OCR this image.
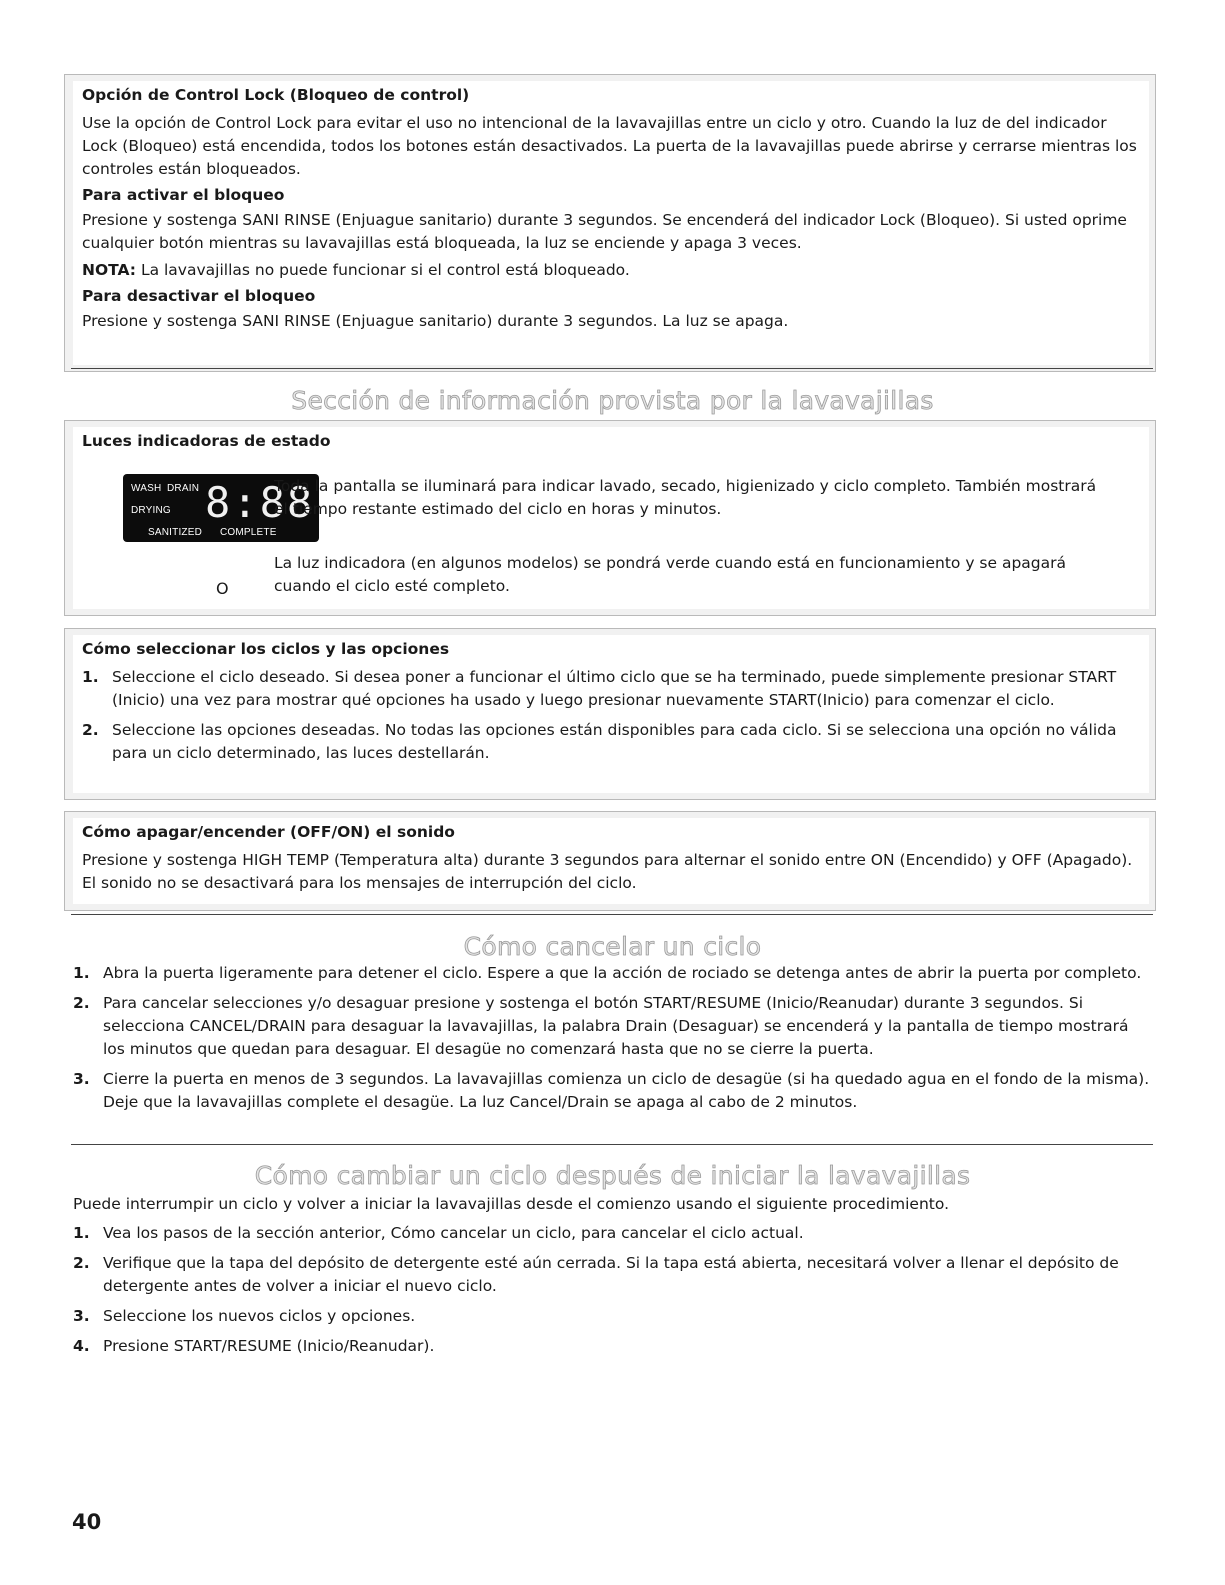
Opción de Control Lock (Bloqueo de control)
Use la opción de Control Lock para evitar el uso no intencional de la lavavajillas entre un ciclo y otro. Cuando la luz de del indicador Lock (Bloqueo) está encendida, todos los botones están desactivados. La puerta de la lavavajillas puede abrirse y cerrarse mientras los controles están bloqueados.
Para activar el bloqueo
Presione y sostenga SANI RINSE (Enjuague sanitario) durante 3 segundos. Se encenderá del indicador Lock (Bloqueo). Si usted oprime cualquier botón mientras su lavavajillas está bloqueada, la luz se enciende y apaga 3 veces.
NOTA: La lavavajillas no puede funcionar si el control está bloqueado.
Para desactivar el bloqueo
Presione y sostenga SANI RINSE (Enjuague sanitario) durante 3 segundos. La luz se apaga.
Sección de información provista por la lavavajillas
Luces indicadoras de estado
WASH DRAIN
DRYING
SANITIZED COMPLETE
8:88
O
Toda la pantalla se iluminará para indicar lavado, secado, higienizado y ciclo completo. También mostrará el tiempo restante estimado del ciclo en horas y minutos.
La luz indicadora (en algunos modelos) se pondrá verde cuando está en funcionamiento y se apagará cuando el ciclo esté completo.
Cómo seleccionar los ciclos y las opciones
1. Seleccione el ciclo deseado. Si desea poner a funcionar el último ciclo que se ha terminado, puede simplemente presionar START (Inicio) una vez para mostrar qué opciones ha usado y luego presionar nuevamente START(Inicio) para comenzar el ciclo.
2. Seleccione las opciones deseadas. No todas las opciones están disponibles para cada ciclo. Si se selecciona una opción no válida para un ciclo determinado, las luces destellarán.
Cómo apagar/encender (OFF/ON) el sonido
Presione y sostenga HIGH TEMP (Temperatura alta) durante 3 segundos para alternar el sonido entre ON (Encendido) y OFF (Apagado). El sonido no se desactivará para los mensajes de interrupción del ciclo.
Cómo cancelar un ciclo
1. Abra la puerta ligeramente para detener el ciclo. Espere a que la acción de rociado se detenga antes de abrir la puerta por completo.
2. Para cancelar selecciones y/o desaguar presione y sostenga el botón START/RESUME (Inicio/Reanudar) durante 3 segundos. Si selecciona CANCEL/DRAIN para desaguar la lavavajillas, la palabra Drain (Desaguar) se encenderá y la pantalla de tiempo mostrará los minutos que quedan para desaguar. El desagüe no comenzará hasta que no se cierre la puerta.
3. Cierre la puerta en menos de 3 segundos. La lavavajillas comienza un ciclo de desagüe (si ha quedado agua en el fondo de la misma). Deje que la lavavajillas complete el desagüe. La luz Cancel/Drain se apaga al cabo de 2 minutos.
Cómo cambiar un ciclo después de iniciar la lavavajillas
Puede interrumpir un ciclo y volver a iniciar la lavavajillas desde el comienzo usando el siguiente procedimiento.
1. Vea los pasos de la sección anterior, Cómo cancelar un ciclo, para cancelar el ciclo actual.
2. Verifique que la tapa del depósito de detergente esté aún cerrada. Si la tapa está abierta, necesitará volver a llenar el depósito de detergente antes de volver a iniciar el nuevo ciclo.
3. Seleccione los nuevos ciclos y opciones.
4. Presione START/RESUME (Inicio/Reanudar).
40
